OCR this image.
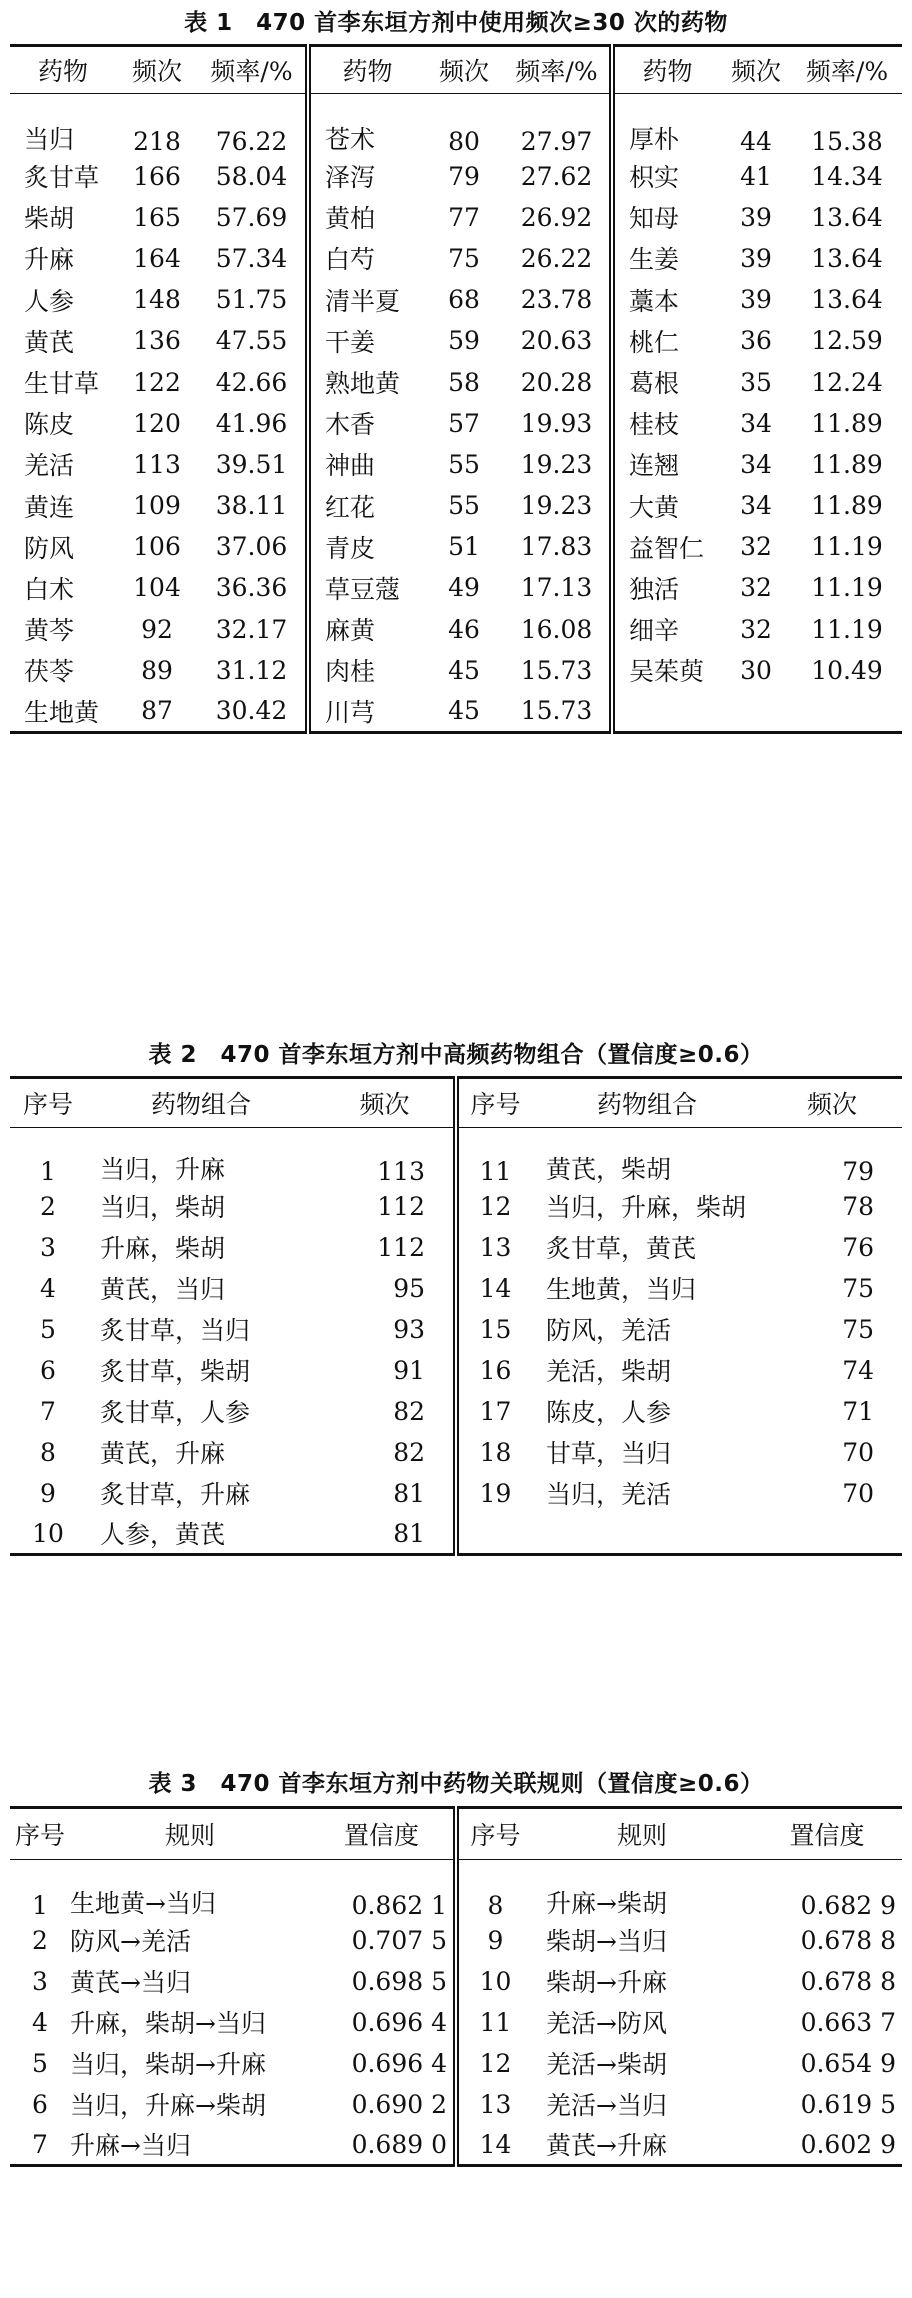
表 1　470 首李东垣方剂中使用频次≥30 次的药物
药物	频次	频率/%	药物	频次	频率/%	药物	频次	频率/%
当归	218	76.22	苍术	80	27.97	厚朴	44	15.38
炙甘草	166	58.04	泽泻	79	27.62	枳实	41	14.34
柴胡	165	57.69	黄柏	77	26.92	知母	39	13.64
升麻	164	57.34	白芍	75	26.22	生姜	39	13.64
人参	148	51.75	清半夏	68	23.78	藁本	39	13.64
黄芪	136	47.55	干姜	59	20.63	桃仁	36	12.59
生甘草	122	42.66	熟地黄	58	20.28	葛根	35	12.24
陈皮	120	41.96	木香	57	19.93	桂枝	34	11.89
羌活	113	39.51	神曲	55	19.23	连翘	34	11.89
黄连	109	38.11	红花	55	19.23	大黄	34	11.89
防风	106	37.06	青皮	51	17.83	益智仁	32	11.19
白术	104	36.36	草豆蔻	49	17.13	独活	32	11.19
黄芩	92	32.17	麻黄	46	16.08	细辛	32	11.19
茯苓	89	31.12	肉桂	45	15.73	吴茱萸	30	10.49
生地黄	87	30.42	川芎	45	15.73			
表 2　470 首李东垣方剂中高频药物组合（置信度≥0.6）
序号	药物组合	频次	序号	药物组合	频次
1	当归，升麻	113	11	黄芪，柴胡	79
2	当归，柴胡	112	12	当归，升麻，柴胡	78
3	升麻，柴胡	112	13	炙甘草，黄芪	76
4	黄芪，当归	95	14	生地黄，当归	75
5	炙甘草，当归	93	15	防风，羌活	75
6	炙甘草，柴胡	91	16	羌活，柴胡	74
7	炙甘草，人参	82	17	陈皮，人参	71
8	黄芪，升麻	82	18	甘草，当归	70
9	炙甘草，升麻	81	19	当归，羌活	70
10	人参，黄芪	81			
表 3　470 首李东垣方剂中药物关联规则（置信度≥0.6）
序号	规则	置信度	序号	规则	置信度
1	生地黄→当归	0.862 1	8	升麻→柴胡	0.682 9
2	防风→羌活	0.707 5	9	柴胡→当归	0.678 8
3	黄芪→当归	0.698 5	10	柴胡→升麻	0.678 8
4	升麻，柴胡→当归	0.696 4	11	羌活→防风	0.663 7
5	当归，柴胡→升麻	0.696 4	12	羌活→柴胡	0.654 9
6	当归，升麻→柴胡	0.690 2	13	羌活→当归	0.619 5
7	升麻→当归	0.689 0	14	黄芪→升麻	0.602 9
